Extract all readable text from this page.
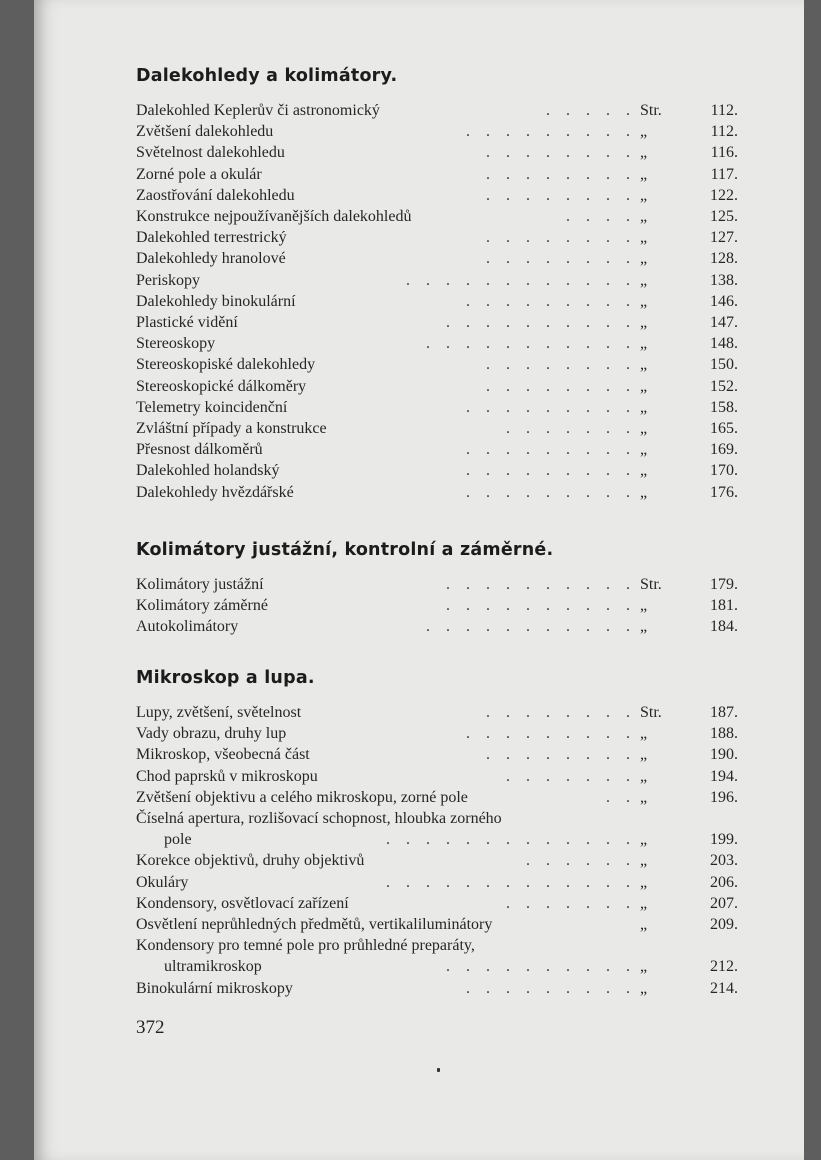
Dalekohledy a kolimátory.
Dalekohled Keplerův či astronomický	. . . . . Str.	112.
Zvětšení dalekohledu	. . . . . . . . . „	112.
Světelnost dalekohledu	. . . . . . . . „	116.
Zorné pole a okulár	. . . . . . . . „	117.
Zaostřování dalekohledu	. . . . . . . . „	122.
Konstrukce nejpoužívanějších dalekohledů	. . . . „	125.
Dalekohled terrestrický	. . . . . . . . „	127.
Dalekohledy hranolové	. . . . . . . . „	128.
Periskopy	. . . . . . . . . . . . „	138.
Dalekohledy binokulární	. . . . . . . . . „	146.
Plastické vidění	. . . . . . . . . . „	147.
Stereoskopy	. . . . . . . . . . . „	148.
Stereoskopiské dalekohledy	. . . . . . . . „	150.
Stereoskopické dálkoměry	. . . . . . . . „	152.
Telemetry koincidenční	. . . . . . . . . „	158.
Zvláštní případy a konstrukce	. . . . . . . „	165.
Přesnost dálkoměrů	. . . . . . . . . „	169.
Dalekohled holandský	. . . . . . . . . „	170.
Dalekohledy hvězdářské	. . . . . . . . . „	176.
Kolimátory justážní, kontrolní a záměrné.
Kolimátory justážní	. . . . . . . . . . Str.	179.
Kolimátory záměrné	. . . . . . . . . . „	181.
Autokolimátory	. . . . . . . . . . . „	184.
Mikroskop a lupa.
Lupy, zvětšení, světelnost	. . . . . . . . Str.	187.
Vady obrazu, druhy lup	. . . . . . . . . „	188.
Mikroskop, všeobecná část	. . . . . . . . „	190.
Chod paprsků v mikroskopu	. . . . . . . „	194.
Zvětšení objektivu a celého mikroskopu, zorné pole	. . „	196.
Číselná apertura, rozlišovací schopnost, hloubka zorného
pole	. . . . . . . . . . . . . „	199.
Korekce objektivů, druhy objektivů	. . . . . . „	203.
Okuláry	. . . . . . . . . . . . . „	206.
Kondensory, osvětlovací zařízení	. . . . . . . „	207.
Osvětlení neprůhledných předmětů, vertikaliluminátory	„	209.
Kondensory pro temné pole pro průhledné preparáty,
ultramikroskop	. . . . . . . . . . „	212.
Binokulární mikroskopy	. . . . . . . . . „	214.
372
